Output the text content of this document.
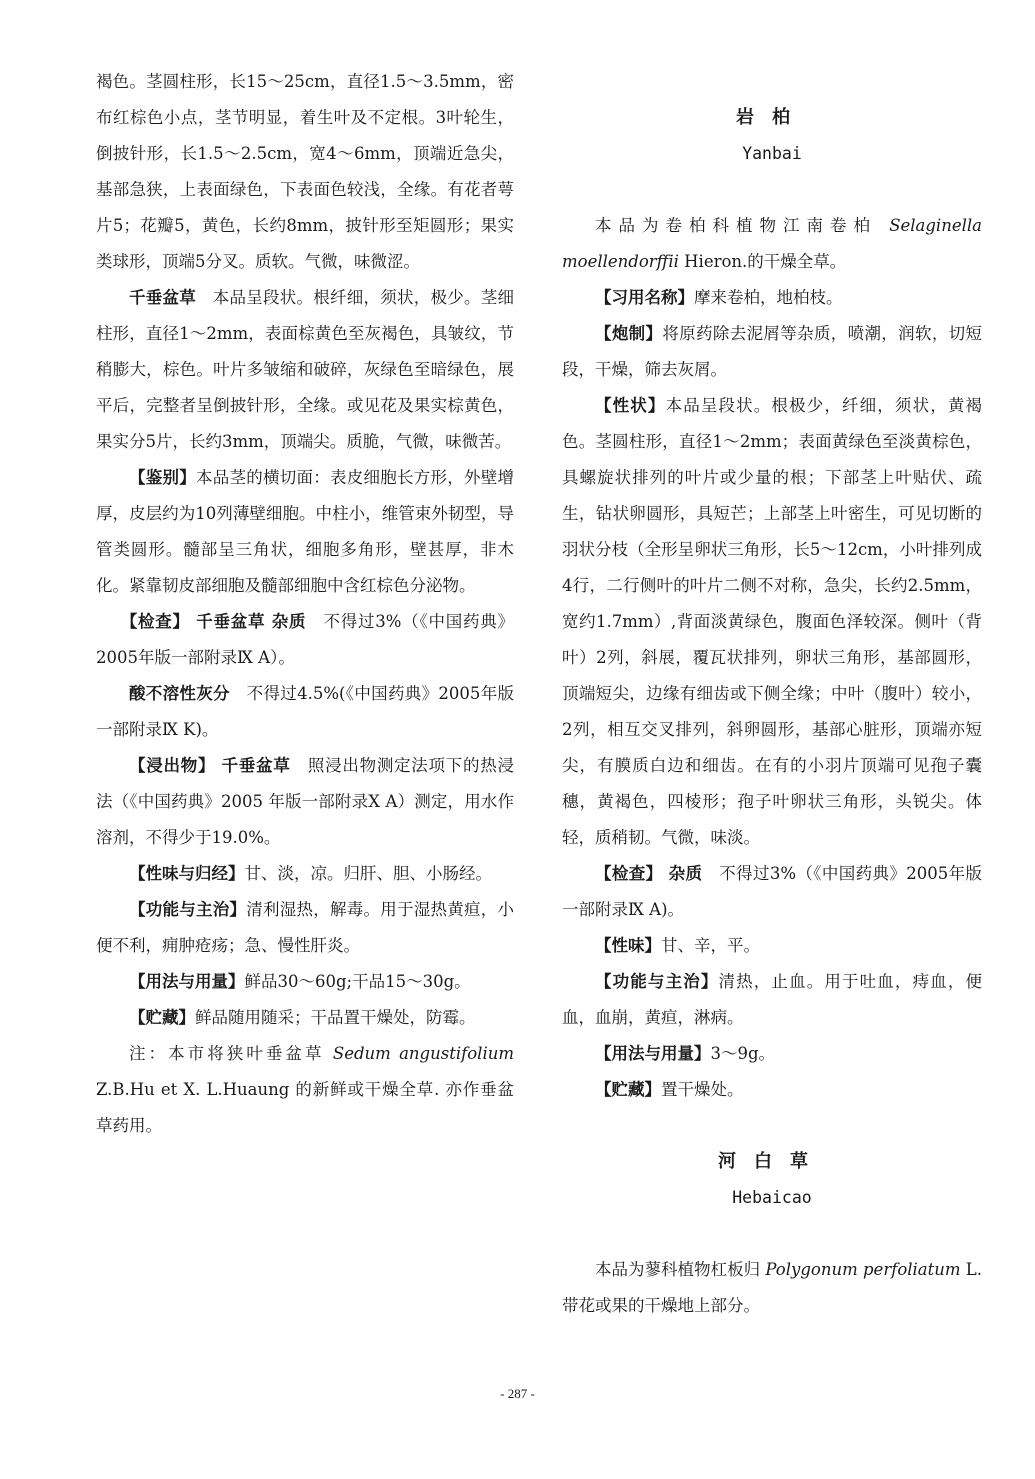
褐色。茎圆柱形，长15～25cm，直径1.5～3.5mm，密布红棕色小点，茎节明显，着生叶及不定根。3叶轮生，倒披针形，长1.5～2.5cm，宽4～6mm，顶端近急尖，基部急狭，上表面绿色，下表面色较浅，全缘。有花者萼片5；花瓣5，黄色，长约8mm，披针形至矩圆形；果实类球形，顶端5分叉。质软。气微，味微涩。

千垂盆草　本品呈段状。根纤细，须状，极少。茎细柱形，直径1～2mm，表面棕黄色至灰褐色，具皱纹，节稍膨大，棕色。叶片多皱缩和破碎，灰绿色至暗绿色，展平后，完整者呈倒披针形，全缘。或见花及果实棕黄色，果实分5片，长约3mm，顶端尖。质脆，气微，味微苦。

【鉴别】本品茎的横切面：表皮细胞长方形，外壁增厚，皮层约为10列薄壁细胞。中柱小，维管束外韧型，导管类圆形。髓部呈三角状，细胞多角形，壁甚厚，非木化。紧靠韧皮部细胞及髓部细胞中含红棕色分泌物。

【检查】 千垂盆草 杂质　不得过3%（《中国药典》2005年版一部附录Ⅸ A）。

酸不溶性灰分　不得过4.5%(《中国药典》2005年版一部附录Ⅸ K)。

【浸出物】 千垂盆草　照浸出物测定法项下的热浸法（《中国药典》2005 年版一部附录Ⅹ A）测定，用水作溶剂，不得少于19.0%。

【性味与归经】甘、淡，凉。归肝、胆、小肠经。

【功能与主治】清利湿热，解毒。用于湿热黄疸，小便不利，痈肿疮疡；急、慢性肝炎。

【用法与用量】鲜品30～60g;干品15～30g。

【贮藏】鲜品随用随采；干品置干燥处，防霉。

注：本市将狭叶垂盆草 Sedum angustifolium Z.B.Hu et X. L.Huaung 的新鲜或干燥全草. 亦作垂盆草药用。

岩柏

Yanbai

本品为卷柏科植物江南卷柏 Selaginella moellendorffii Hieron.的干燥全草。

【习用名称】摩来卷柏，地柏枝。

【炮制】将原药除去泥屑等杂质，喷潮，润软，切短段，干燥，筛去灰屑。

【性状】本品呈段状。根极少，纤细，须状，黄褐色。茎圆柱形，直径1～2mm；表面黄绿色至淡黄棕色，具螺旋状排列的叶片或少量的根；下部茎上叶贴伏、疏生，钻状卵圆形，具短芒；上部茎上叶密生，可见切断的羽状分枝（全形呈卵状三角形，长5～12cm，小叶排列成4行，二行侧叶的叶片二侧不对称，急尖，长约2.5mm，宽约1.7mm）,背面淡黄绿色，腹面色泽较深。侧叶（背叶）2列，斜展，覆瓦状排列，卵状三角形，基部圆形，顶端短尖，边缘有细齿或下侧全缘；中叶（腹叶）较小，2列，相互交叉排列，斜卵圆形，基部心脏形，顶端亦短尖，有膜质白边和细齿。在有的小羽片顶端可见孢子囊穗，黄褐色，四棱形；孢子叶卵状三角形，头锐尖。体轻，质稍韧。气微，味淡。

【检查】 杂质　不得过3%（《中国药典》2005年版一部附录Ⅸ A)。

【性味】甘、辛，平。

【功能与主治】清热，止血。用于吐血，痔血，便血，血崩，黄疸，淋病。

【用法与用量】3～9g。

【贮藏】置干燥处。

河白草

Hebaicao

本品为蓼科植物杠板归 Polygonum perfoliatum L.带花或果的干燥地上部分。

- 287 -
